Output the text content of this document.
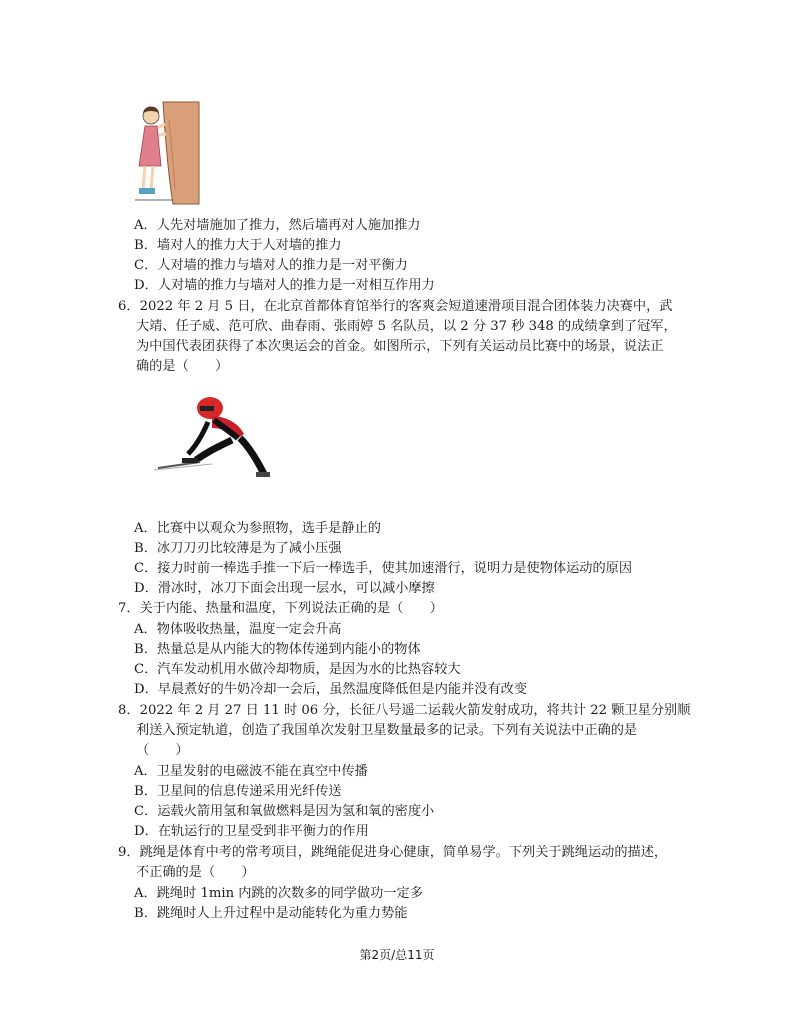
A．人先对墙施加了推力，然后墙再对人施加推力
B．墙对人的推力大于人对墙的推力
C．人对墙的推力与墙对人的推力是一对平衡力
D．人对墙的推力与墙对人的推力是一对相互作用力
6．2022 年 2 月 5 日，在北京首都体育馆举行的客爽会短道速滑项目混合团体装力决赛中，武
大靖、任子威、范可欣、曲春雨、张雨婷 5 名队员，以 2 分 37 秒 348 的成绩拿到了冠军，
为中国代表团获得了本次奥运会的首金。如图所示，下列有关运动员比赛中的场景，说法正
确的是（　　）
A．比赛中以观众为参照物，选手是静止的
B．冰刀刀刃比较薄是为了减小压强
C．接力时前一棒选手推一下后一棒选手，使其加速滑行，说明力是使物体运动的原因
D．滑冰时，冰刀下面会出现一层水，可以减小摩擦
7．关于内能、热量和温度，下列说法正确的是（　　）
A．物体吸收热量，温度一定会升高
B．热量总是从内能大的物体传递到内能小的物体
C．汽车发动机用水做冷却物质，是因为水的比热容较大
D．早晨煮好的牛奶冷却一会后，虽然温度降低但是内能并没有改变
8．2022 年 2 月 27 日 11 时 06 分，长征八号遥二运载火箭发射成功，将共计 22 颗卫星分别顺
利送入预定轨道，创造了我国单次发射卫星数量最多的记录。下列有关说法中正确的是
（　　）
A．卫星发射的电磁波不能在真空中传播
B．卫星间的信息传递采用光纤传送
C．运载火箭用氢和氧做燃料是因为氢和氧的密度小
D．在轨运行的卫星受到非平衡力的作用
9．跳绳是体育中考的常考项目，跳绳能促进身心健康，简单易学。下列关于跳绳运动的描述，
不正确的是（　　）
A．跳绳时 1min 内跳的次数多的同学做功一定多
B．跳绳时人上升过程中是动能转化为重力势能
第2页/总11页
